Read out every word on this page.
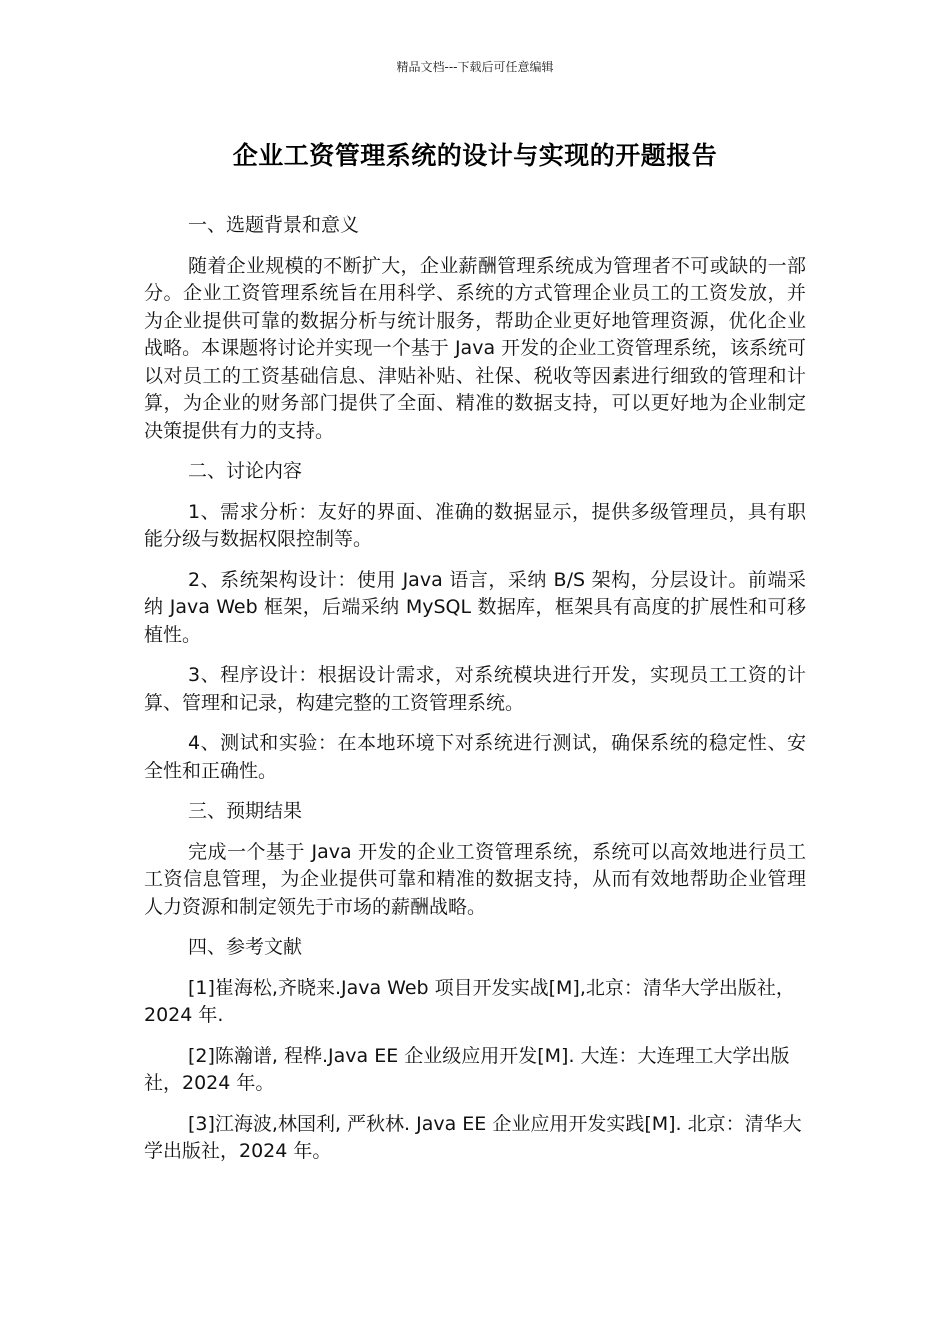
精品文档---下载后可任意编辑
企业工资管理系统的设计与实现的开题报告

一、选题背景和意义

随着企业规模的不断扩大，企业薪酬管理系统成为管理者不可或缺的一部分。企业工资管理系统旨在用科学、系统的方式管理企业员工的工资发放，并为企业提供可靠的数据分析与统计服务，帮助企业更好地管理资源，优化企业战略。本课题将讨论并实现一个基于 Java 开发的企业工资管理系统，该系统可以对员工的工资基础信息、津贴补贴、社保、税收等因素进行细致的管理和计算，为企业的财务部门提供了全面、精准的数据支持，可以更好地为企业制定决策提供有力的支持。

二、讨论内容

1、需求分析：友好的界面、准确的数据显示，提供多级管理员，具有职能分级与数据权限控制等。

2、系统架构设计：使用 Java 语言，采纳 B/S 架构，分层设计。前端采纳 Java Web 框架，后端采纳 MySQL 数据库，框架具有高度的扩展性和可移植性。

3、程序设计：根据设计需求，对系统模块进行开发，实现员工工资的计算、管理和记录，构建完整的工资管理系统。

4、测试和实验：在本地环境下对系统进行测试，确保系统的稳定性、安全性和正确性。

三、预期结果

完成一个基于 Java 开发的企业工资管理系统，系统可以高效地进行员工工资信息管理，为企业提供可靠和精准的数据支持，从而有效地帮助企业管理人力资源和制定领先于市场的薪酬战略。

四、参考文献

[1]崔海松,齐晓来.Java Web 项目开发实战[M],北京：清华大学出版社，2024 年.

[2]陈瀚谱, 程桦.Java EE 企业级应用开发[M]. 大连：大连理工大学出版社，2024 年。

[3]江海波,林国利, 严秋林. Java EE 企业应用开发实践[M]. 北京：清华大学出版社，2024 年。
